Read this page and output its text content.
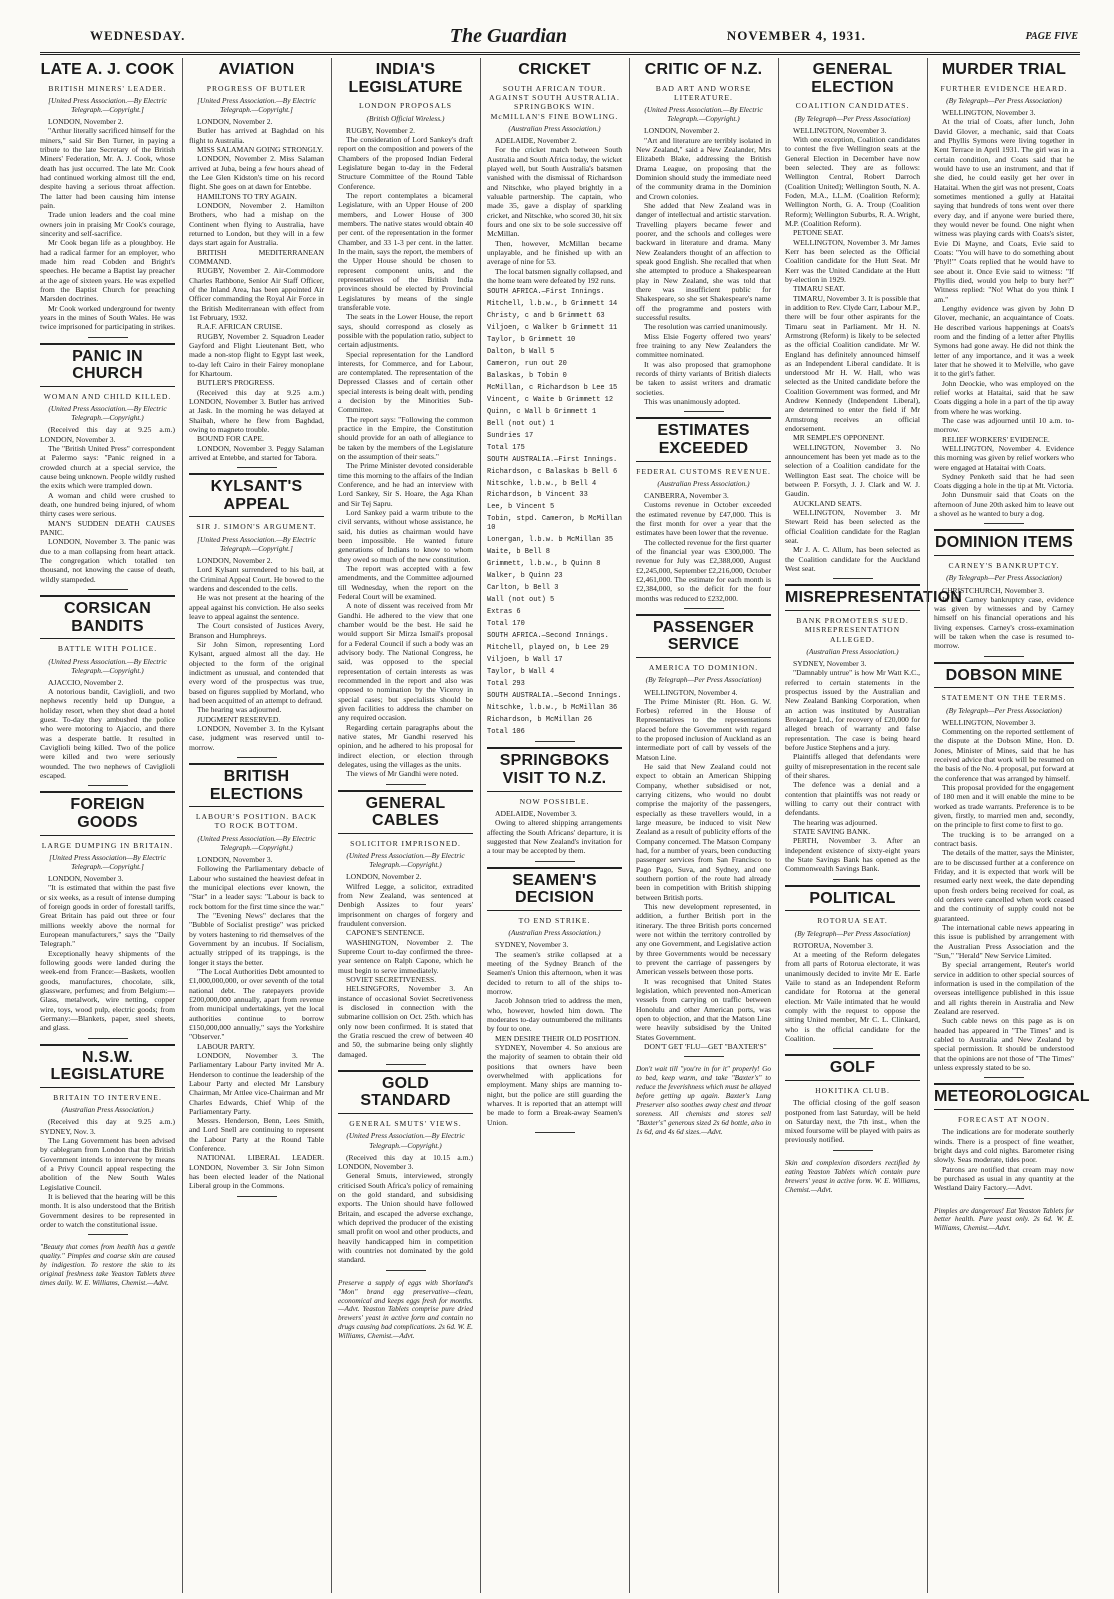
WEDNESDAY.	The Guardian	NOVEMBER 4, 1931.	PAGE FIVE
LATE A. J. COOK
BRITISH MINERS' LEADER.
[United Press Association.—By Electric Telegraph.—Copyright.]

LONDON, November 2.

"Arthur literally sacrificed himself for the miners," said Sir Ben Turner, in paying a tribute to the late Secretary of the British Miners' Federation, Mr. A. J. Cook, whose death has just occurred. The late Mr. Cook had continued working almost till the end, despite having a serious throat affection. The latter had been causing him intense pain.

Trade union leaders and the coal mine owners join in praising Mr Cook's courage, sincerity and self-sacrifice.

Mr Cook began life as a ploughboy. He had a radical farmer for an employer, who made him read Cobden and Bright's speeches. He became a Baptist lay preacher at the age of sixteen years. He was expelled from the Baptist Church for preaching Marsden doctrines.

Mr Cook worked underground for twenty years in the mines of South Wales. He was twice imprisoned for participating in strikes.

PANIC IN CHURCH
WOMAN AND CHILD KILLED.
(United Press Association.—By Electric Telegraph.—Copyright.)

(Received this day at 9.25 a.m.) LONDON, November 3.

The "British United Press" correspondent at Palermo says: "Panic reigned in a crowded church at a special service, the cause being unknown. People wildly rushed the exits which were trampled down.

A woman and child were crushed to death, one hundred being injured, of whom thirty cases were serious.

MAN'S SUDDEN DEATH CAUSES PANIC.

LONDON, November 3. The panic was due to a man collapsing from heart attack. The congregation which totalled ten thousand, not knowing the cause of death, wildly stampeded.

CORSICAN BANDITS
BATTLE WITH POLICE.
(United Press Association.—By Electric Telegraph.—Copyright.)

AJACCIO, November 2.

A notorious bandit, Caviglioli, and two nephews recently held up Dungue, a holiday resort, when they shot dead a hotel guest. To-day they ambushed the police who were motoring to Ajaccio, and there was a desperate battle. It resulted in Caviglioli being killed. Two of the police were killed and two were seriously wounded. The two nephews of Caviglioli escaped.

FOREIGN GOODS
LARGE DUMPING IN BRITAIN.
[United Press Association—By Electric Telegraph.—Copyright.]

LONDON, November 3.

"It is estimated that within the past five or six weeks, as a result of intense dumping of foreign goods in order of forestall tariffs, Great Britain has paid out three or four millions weekly above the normal for European manufacturers," says the "Daily Telegraph."

Exceptionally heavy shipments of the following goods were landed during the week-end from France:—Baskets, woollen goods, manufactures, chocolate, silk, glassware, perfumes; and from Belgium:—Glass, metalwork, wire netting, copper wire, toys, wood pulp, electric goods; from Germany:—Blankets, paper, steel sheets, and glass.

N.S.W. LEGISLATURE
BRITAIN TO INTERVENE.
(Australian Press Association.)

(Received this day at 9.25 a.m.) SYDNEY, Nov. 3.

The Lang Government has been advised by cablegram from London that the British Government intends to intervene by means of a Privy Council appeal respecting the abolition of the New South Wales Legislative Council.

It is believed that the hearing will be this month. It is also understood that the British Government desires to be represented in order to watch the constitutional issue.

"Beauty that comes from health has a gentle quality." Pimples and coarse skin are caused by indigestion. To restore the skin to its original freshness take Yeaston Tablets three times daily. W. E. Williams, Chemist.—Advt.

AVIATION
PROGRESS OF BUTLER
[United Press Association.—By Electric Telegraph.—Copyright.]

LONDON, November 2.

Butler has arrived at Baghdad on his flight to Australia.

MISS SALAMAN GOING STRONGLY.

LONDON, November 2. Miss Salaman arrived at Juba, being a few hours ahead of the Lee Glen Kidston's time on his record flight. She goes on at dawn for Entebbe.

HAMILTONS TO TRY AGAIN.

LONDON, November 2. Hamilton Brothers, who had a mishap on the Continent when flying to Australia, have returned to London, but they will in a few days start again for Australia.

BRITISH MEDITERRANEAN COMMAND.

RUGBY, November 2. Air-Commodore Charles Rathbone, Senior Air Staff Officer, of the Inland Area, has been appointed Air Officer commanding the Royal Air Force in the British Mediterranean with effect from 1st February, 1932.

R.A.F. AFRICAN CRUISE.

RUGBY, November 2. Squadron Leader Gayford and Flight Lieutenant Bett, who made a non-stop flight to Egypt last week, to-day left Cairo in their Fairey monoplane for Khartoum.

BUTLER'S PROGRESS.

(Received this day at 9.25 a.m.) LONDON, November 3. Butler has arrived at Jask. In the morning he was delayed at Shaibah, where he flew from Baghdad, owing to magneto trouble.

BOUND FOR CAPE.

LONDON, November 3. Peggy Salaman arrived at Entebbe, and started for Tabora.

KYLSANT'S APPEAL
SIR J. SIMON'S ARGUMENT.
[United Press Association.—By Electric Telegraph.—Copyright.]

LONDON, November 2.

Lord Kylsant surrendered to his bail, at the Criminal Appeal Court. He bowed to the wardens and descended to the cells.

He was not present at the hearing of the appeal against his conviction. He also seeks leave to appeal against the sentence.

The Court consisted of Justices Avery, Branson and Humphreys.

Sir John Simon, representing Lord Kylsant, argued almost all the day. He objected to the form of the original indictment as unusual, and contended that every word of the prospectus was true, based on figures supplied by Morland, who had been acquitted of an attempt to defraud.

The hearing was adjourned.

JUDGMENT RESERVED.

LONDON, November 3. In the Kylsant case, judgment was reserved until to-morrow.

BRITISH ELECTIONS
LABOUR'S POSITION. BACK TO ROCK BOTTOM.
(United Press Association.—By Electric Telegraph.—Copyright.)

LONDON, November 3.

Following the Parliamentary debacle of Labour who sustained the heaviest defeat in the municipal elections ever known, the "Star" in a leader says: "Labour is back to rock bottom for the first time since the war."

The "Evening News" declares that the "Bubble of Socialist prestige" was pricked by voters hastening to rid themselves of the Government by an incubus. If Socialism, actually stripped of its trappings, is the longer it stays the better.

"The Local Authorities Debt amounted to £1,000,000,000, or over seventh of the total national debt. The ratepayers provide £200,000,000 annually, apart from revenue from municipal undertakings, yet the local authorities continue to borrow £150,000,000 annually," says the Yorkshire "Observer."

LABOUR PARTY.

LONDON, November 3. The Parliamentary Labour Party invited Mr A. Henderson to continue the leadership of the Labour Party and elected Mr Lansbury Chairman, Mr Attlee vice-Chairman and Mr Charles Edwards, Chief Whip of the Parliamentary Party.

Messrs. Henderson, Benn, Lees Smith, and Lord Snell are continuing to represent the Labour Party at the Round Table Conference.

NATIONAL LIBERAL LEADER. LONDON, November 3. Sir John Simon has been elected leader of the National Liberal group in the Commons.

INDIA'S LEGISLATURE
LONDON PROPOSALS
(British Official Wireless.)

RUGBY, November 2.

The consideration of Lord Sankey's draft report on the composition and powers of the Chambers of the proposed Indian Federal Legislature began to-day in the Federal Structure Committee of the Round Table Conference.

The report contemplates a bicameral Legislature, with an Upper House of 200 members, and Lower House of 300 members. The native states would obtain 40 per cent. of the representation in the former Chamber, and 33 1-3 per cent. in the latter. In the main, says the report, the members of the Upper House should be chosen to represent component units, and the representatives of the British India provinces should be elected by Provincial Legislatures by means of the single transferable vote.

The seats in the Lower House, the report says, should correspond as closely as possible with the population ratio, subject to certain adjustments.

Special representation for the Landlord interests, for Commerce, and for Labour, are contemplated. The representation of the Depressed Classes and of certain other special interests is being dealt with, pending a decision by the Minorities Sub-Committee.

The report says: "Following the common practice in the Empire, the Constitution should provide for an oath of allegiance to be taken by the members of the Legislature on the assumption of their seats."

The Prime Minister devoted considerable time this morning to the affairs of the Indian Conference, and he had an interview with Lord Sankey, Sir S. Hoare, the Aga Khan and Sir Tej Sapru.

Lord Sankey paid a warm tribute to the civil servants, without whose assistance, he said, his duties as chairman would have been impossible. He wanted future generations of Indians to know to whom they owed so much of the new constitution.

The report was accepted with a few amendments, and the Committee adjourned till Wednesday, when the report on the Federal Court will be examined.

A note of dissent was received from Mr Gandhi. He adhered to the view that one chamber would be the best. He said he would support Sir Mirza Ismail's proposal for a Federal Council if such a body was an advisory body. The National Congress, he said, was opposed to the special representation of certain interests as was recommended in the report and also was opposed to nomination by the Viceroy in special cases; but specialists should be given facilities to address the chamber on any required occasion.

Regarding certain paragraphs about the native states, Mr Gandhi reserved his opinion, and he adhered to his proposal for indirect election, or election through delegates, using the villages as the units.

The views of Mr Gandhi were noted.

GENERAL CABLES
SOLICITOR IMPRISONED.
(United Press Association.—By Electric Telegraph.—Copyright.)

LONDON, November 2.

Wilfred Legge, a solicitor, extradited from New Zealand, was sentenced at Denbigh Assizes to four years' imprisonment on charges of forgery and fraudulent conversion.

CAPONE'S SENTENCE.

WASHINGTON, November 2. The Supreme Court to-day confirmed the three-year sentence on Ralph Capone, which he must begin to serve immediately.

SOVIET SECRETIVENESS.

HELSINGFORS, November 3. An instance of occasional Soviet Secretiveness is disclosed in connection with the submarine collision on Oct. 25th. which has only now been confirmed. It is stated that the Gratia rescued the crew of between 40 and 50, the submarine being only slightly damaged.

GOLD STANDARD
GENERAL SMUTS' VIEWS.
(United Press Association.—By Electric Telegraph.—Copyright.)

(Received this day at 10.15 a.m.) LONDON, November 3.

General Smuts, interviewed, strongly criticised South Africa's policy of remaining on the gold standard, and subsidising exports. The Union should have followed Britain, and escaped the adverse exchange, which deprived the producer of the existing small profit on wool and other products, and heavily handicapped him in competition with countries not dominated by the gold standard.

Preserve a supply of eggs with Shorland's "Mon" brand egg preservative—clean, economical and keeps eggs fresh for months.—Advt. Yeaston Tablets comprise pure dried brewers' yeast in active form and contain no drugs causing bad complications. 2s 6d. W. E. Williams, Chemist.—Advt.

CRICKET
SOUTH AFRICAN TOUR. AGAINST SOUTH AUSTRALIA. SPRINGBOKS WIN. McMILLAN'S FINE BOWLING.
(Australian Press Association.)

ADELAIDE, November 2.

For the cricket match between South Australia and South Africa today, the wicket played well, but South Australia's batsmen vanished with the dismissal of Richardson and Nitschke, who played brightly in a valuable partnership. The captain, who made 35, gave a display of sparkling cricket, and Nitschke, who scored 30, hit six fours and one six to be sole successive off McMillan.

Then, however, McMillan became unplayable, and he finished up with an average of nine for 53.

The local batsmen signally collapsed, and the home team were defeated by 192 runs.

SOUTH AFRICA.—First Innings.
Mitchell, l.b.w., b Grimmett 14
Christy, c and b Grimmett 63
Viljoen, c Walker b Grimmett 11
Taylor, b Grimmett 10
Dalton, b Wall 5
Cameron, run out 20
Balaskas, b Tobin 0
McMillan, c Richardson b Lee 15
Vincent, c Waite b Grimmett 12
Quinn, c Wall b Grimmett 1
Bell (not out) 1
Sundries 17
Total 175
SOUTH AUSTRALIA.—First Innings.
Richardson, c Balaskas b Bell 6
Nitschke, l.b.w., b Bell 4
Richardson, b Vincent 33
Lee, b Vincent 5
Tobin, stpd. Cameron, b McMillan 10
Lonergan, l.b.w. b McMillan 35
Waite, b Bell 8
Grimmett, l.b.w., b Quinn 8
Walker, b Quinn 23
Carlton, b Bell 3
Wall (not out) 5
Extras 6
Total 170
SOUTH AFRICA.—Second Innings.
Mitchell, played on, b Lee 29
Viljoen, b Wall 17
Taylor, b Wall 4
Total 293
SOUTH AUSTRALIA.—Second Innings.
Nitschke, l.b.w., b McMillan 36
Richardson, b McMillan 26
Total 106
SPRINGBOKS VISIT TO N.Z.
NOW POSSIBLE.

ADELAIDE, November 3.

Owing to altered shipping arrangements affecting the South Africans' departure, it is suggested that New Zealand's invitation for a tour may be accepted by them.

SEAMEN'S DECISION
TO END STRIKE.
(Australian Press Association.)

SYDNEY, November 3.

The seamen's strike collapsed at a meeting of the Sydney Branch of the Seamen's Union this afternoon, when it was decided to return to all of the ships to-morrow.

Jacob Johnson tried to address the men, who, however, howled him down. The moderates to-day outnumbered the militants by four to one.

MEN DESIRE THEIR OLD POSITION.

SYDNEY, November 4. So anxious are the majority of seamen to obtain their old positions that owners have been overwhelmed with applications for employment. Many ships are manning to-night, but the police are still guarding the wharves. It is reported that an attempt will be made to form a Break-away Seamen's Union.

CRITIC OF N.Z.
BAD ART AND WORSE LITERATURE.
(United Press Association.—By Electric Telegraph.—Copyright.)

LONDON, November 2.

"Art and literature are terribly isolated in New Zealand," said a New Zealander, Mrs Elizabeth Blake, addressing the British Drama League, on proposing that the Dominion should study the immediate need of the community drama in the Dominion and Crown colonies.

She added that New Zealand was in danger of intellectual and artistic starvation. Travelling players became fewer and poorer, and the schools and colleges were backward in literature and drama. Many New Zealanders thought of an affection to speak good English. She recalled that when she attempted to produce a Shakespearean play in New Zealand, she was told that there was insufficient public for Shakespeare, so she set Shakespeare's name off the programme and posters with successful results.

The resolution was carried unanimously.

Miss Elsie Fogerty offered two years' free training to any New Zealanders the committee nominated.

It was also proposed that gramophone records of thirty variants of British dialects be taken to assist writers and dramatic societies.

This was unanimously adopted.

ESTIMATES EXCEEDED
FEDERAL CUSTOMS REVENUE.
(Australian Press Association.)

CANBERRA, November 3.

Customs revenue in October exceeded the estimated revenue by £47,000. This is the first month for over a year that the estimates have been lower that the revenue.

The collected revenue for the first quarter of the financial year was £300,000. The revenue for July was £2,388,000, August £2,245,000, September £2,216,000, October £2,461,000. The estimate for each month is £2,384,000, so the deficit for the four months was reduced to £232,000.

PASSENGER SERVICE
AMERICA TO DOMINION.
(By Telegraph—Per Press Association)

WELLINGTON, November 4.

The Prime Minister (Rt. Hon. G. W. Forbes) referred in the House of Representatives to the representations placed before the Government with regard to the proposed inclusion of Auckland as an intermediate port of call by vessels of the Matson Line.

He said that New Zealand could not expect to obtain an American Shipping Company, whether subsidised or not, carrying citizens, who would no doubt comprise the majority of the passengers, especially as these travellers would, in a large measure, be induced to visit New Zealand as a result of publicity efforts of the Company concerned. The Matson Company had, for a number of years, been conducting passenger services from San Francisco to Pago Pago, Suva, and Sydney, and one southern portion of the route had already been in competition with British shipping between British ports.

This new development represented, in addition, a further British port in the itinerary. The three British ports concerned were not within the territory controlled by any one Government, and Legislative action by three Governments would be necessary to prevent the carriage of passengers by American vessels between those ports.

It was recognised that United States legislation, which prevented non-American vessels from carrying on traffic between Honolulu and other American ports, was open to objection, and that the Matson Line were heavily subsidised by the United States Government.

DON'T GET 'FLU—GET "BAXTER'S"

Don't wait till "you're in for it" properly! Go to bed, keep warm, and take "Baxter's" to reduce the feverishness which must be allayed before getting up again. Baxter's Lung Preserver also soothes away chest and throat soreness. All chemists and stores sell "Baxter's" generous sized 2s 6d bottle, also in 1s 6d, and 4s 6d sizes.—Advt.

GENERAL ELECTION
COALITION CANDIDATES.
(By Telegraph—Per Press Association)

WELLINGTON, November 3.

With one exception, Coalition candidates to contest the five Wellington seats at the General Election in December have now been selected. They are as follows: Wellington Central, Robert Darroch (Coalition United); Wellington South, N. A. Foden, M.A., LL.M. (Coalition Reform); Wellington North, G. A. Troup (Coalition Reform); Wellington Suburbs, R. A. Wright, M.P. (Coalition Reform).

PETONE SEAT.

WELLINGTON, November 3. Mr James Kerr has been selected as the Official Coalition candidate for the Hutt Seat. Mr Kerr was the United Candidate at the Hutt by-election in 1929.

TIMARU SEAT.

TIMARU, November 3. It is possible that in addition to Rev. Clyde Carr, Labour M.P., there will be four other aspirants for the Timaru seat in Parliament. Mr H. N. Armstrong (Reform) is likely to be selected as the official Coalition candidate. Mr W. England has definitely announced himself as an Independent Liberal candidate. It is understood Mr H. W. Hall, who was selected as the United candidate before the Coalition Government was formed, and Mr Andrew Kennedy (Independent Liberal), are determined to enter the field if Mr Armstrong receives an official endorsement.

MR SEMPLE'S OPPONENT.

WELLINGTON, November 3. No announcement has been yet made as to the selection of a Coalition candidate for the Wellington East seat. The choice will be between P. Forsyth, J. J. Clark and W. J. Gaudin.

AUCKLAND SEATS.

WELLINGTON, November 3. Mr Stewart Reid has been selected as the official Coalition candidate for the Raglan seat.

Mr J. A. C. Allum, has been selected as the Coalition candidate for the Auckland West seat.

MISREPRESENTATION
BANK PROMOTERS SUED. MISREPRESENTATION ALLEGED.
(Australian Press Association.)

SYDNEY, November 3.

"Damnably untrue" is how Mr Watt K.C., referred to certain statements in the prospectus issued by the Australian and New Zealand Banking Corporation, when an action was instituted by Australian Brokerage Ltd., for recovery of £20,000 for alleged breach of warranty and false representation. The case is being heard before Justice Stephens and a jury.

Plaintiffs alleged that defendants were guilty of misrepresentation in the recent sale of their shares.

The defence was a denial and a contention that plaintiffs was not ready or willing to carry out their contract with defendants.

The hearing was adjourned.

STATE SAVING BANK.

PERTH, November 3. After an independent existence of sixty-eight years the State Savings Bank has opened as the Commonwealth Savings Bank.

POLITICAL
ROTORUA SEAT.
(By Telegraph—Per Press Association)

ROTORUA, November 3.

At a meeting of the Reform delegates from all parts of Rotorua electorate, it was unanimously decided to invite Mr E. Earle Vaile to stand as an Independent Reform candidate for Rotorua at the general election. Mr Vaile intimated that he would comply with the request to oppose the sitting United member, Mr C. L. Clinkard, who is the official candidate for the Coalition.

GOLF
HOKITIKA CLUB.

The official closing of the golf season postponed from last Saturday, will be held on Saturday next, the 7th inst., when the mixed foursome will be played with pairs as previously notified.

Skin and complexion disorders rectified by eating Yeaston Tablets which contain pure brewers' yeast in active form. W. E. Williams, Chemist.—Advt.

MURDER TRIAL
FURTHER EVIDENCE HEARD.
(By Telegraph—Per Press Association)

WELLINGTON, November 3.

At the trial of Coats, after lunch, John David Glover, a mechanic, said that Coats and Phyllis Symons were living together in Kent Terrace in April 1931. The girl was in a certain condition, and Coats said that he would have to use an instrument, and that if she died, he could easily get her over in Hataitai. When the girl was not present, Coats sometimes mentioned a gully at Hataitai saying that hundreds of tons went over there every day, and if anyone were buried there, they would never be found. One night when witness was playing cards with Coats's sister, Evie Di Mayne, and Coats, Evie said to Coats: "You will have to do something about 'Phyl!'" Coats replied that he would have to see about it. Once Evie said to witness: "If Phyllis died, would you help to bury her?" Witness replied: "No! What do you think I am."

Lengthy evidence was given by John D Glover, mechanic, an acquaintance of Coats. He described various happenings at Coats's room and the finding of a letter after Phyllis Symons had gone away. He did not think the letter of any importance, and it was a week later that he showed it to Melville, who gave it to the girl's father.

John Deockie, who was employed on the relief works at Hataitai, said that he saw Coats digging a hole in a part of the tip away from where he was working.

The case was adjourned until 10 a.m. to-morrow.

RELIEF WORKERS' EVIDENCE.

WELLINGTON, November 4. Evidence this morning was given by relief workers who were engaged at Hataitai with Coats.

Sydney Penketh said that he had seen Coats digging a hole in the tip at Mt. Victoria.

John Dunsmuir said that Coats on the afternoon of June 20th asked him to leave out a shovel as he wanted to bury a dog.

DOMINION ITEMS
CARNEY'S BANKRUPTCY.
(By Telegraph—Per Press Association)

CHRISTCHURCH, November 3.

In the Carney bankruptcy case, evidence was given by witnesses and by Carney himself on his financial operations and his living expenses. Carney's cross-examination will be taken when the case is resumed to-morrow.

DOBSON MINE
STATEMENT ON THE TERMS.
(By Telegraph—Per Press Association)

WELLINGTON, November 3.

Commenting on the reported settlement of the dispute at the Dobson Mine, Hon. D. Jones, Minister of Mines, said that he has received advice that work will be resumed on the basis of the No. 4 proposal, put forward at the conference that was arranged by himself.

This proposal provided for the engagement of 180 men and it will enable the mine to be worked as trade warrants. Preference is to be given, firstly, to married men and, secondly, on the principle to first come to first to go.

The trucking is to be arranged on a contract basis.

The details of the matter, says the Minister, are to be discussed further at a conference on Friday, and it is expected that work will be resumed early next week, the date depending upon fresh orders being received for coal, as old orders were cancelled when work ceased and the continuity of supply could not be guaranteed.

The international cable news appearing in this issue is published by arrangement with the Australian Press Association and the "Sun," "Herald" New Service Limited.

By special arrangement, Reuter's world service in addition to other special sources of information is used in the compilation of the overseas intelligence published in this issue and all rights therein in Australia and New Zealand are reserved.

Such cable news on this page as is on headed has appeared in "The Times" and is cabled to Australia and New Zealand by special permission. It should be understood that the opinions are not those of "The Times" unless expressly stated to be so.

METEOROLOGICAL
FORECAST AT NOON.

The indications are for moderate southerly winds. There is a prospect of fine weather, bright days and cold nights. Barometer rising slowly. Seas moderate, tides poor.

Patrons are notified that cream may now be purchased as usual in any quantity at the Westland Dairy Factory.—Advt.

Pimples are dangerous! Eat Yeaston Tablets for better health. Pure yeast only. 2s 6d. W. E. Williams, Chemist.—Advt.
